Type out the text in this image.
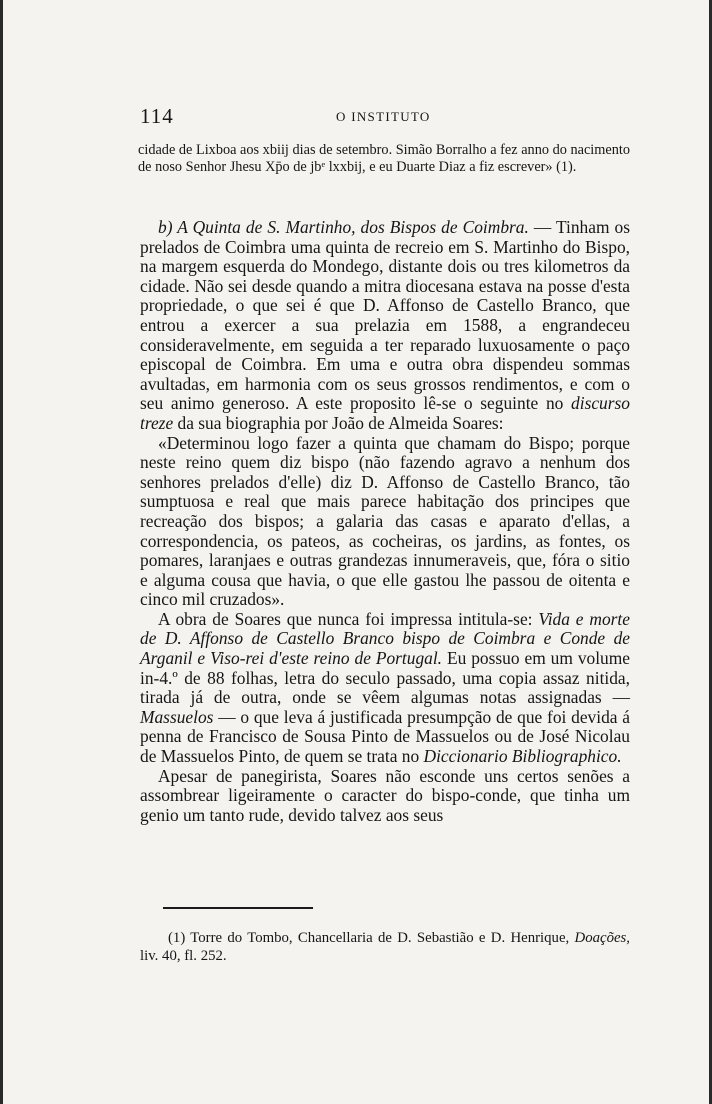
114	O INSTITUTO

cidade de Lixboa aos xbiij dias de setembro. Simão Borralho a fez anno do nacimento de noso Senhor Jhesu Xp̄o de jbᵉ lxxbij, e eu Duarte Diaz a fiz escrever» (1).

b) A Quinta de S. Martinho, dos Bispos de Coimbra. — Tinham os prelados de Coimbra uma quinta de recreio em S. Martinho do Bispo, na margem esquerda do Mondego, distante dois ou tres kilometros da cidade. Não sei desde quando a mitra diocesana estava na posse d'esta propriedade, o que sei é que D. Affonso de Castello Branco, que entrou a exercer a sua prelazia em 1588, a engrandeceu consideravelmente, em seguida a ter reparado luxuosamente o paço episcopal de Coimbra. Em uma e outra obra dispendeu sommas avultadas, em harmonia com os seus grossos rendimentos, e com o seu animo generoso. A este proposito lê-se o seguinte no discurso treze da sua biographia por João de Almeida Soares:

«Determinou logo fazer a quinta que chamam do Bispo; porque neste reino quem diz bispo (não fazendo agravo a nenhum dos senhores prelados d'elle) diz D. Affonso de Castello Branco, tão sumptuosa e real que mais parece habitação dos principes que recreação dos bispos; a galaria das casas e aparato d'ellas, a correspondencia, os pateos, as cocheiras, os jardins, as fontes, os pomares, laranjaes e outras grandezas innumeraveis, que, fóra o sitio e alguma cousa que havia, o que elle gastou lhe passou de oitenta e cinco mil cruzados».

A obra de Soares que nunca foi impressa intitula-se: Vida e morte de D. Affonso de Castello Branco bispo de Coimbra e Conde de Arganil e Viso-rei d'este reino de Portugal. Eu possuo em um volume in-4.º de 88 folhas, letra do seculo passado, uma copia assaz nitida, tirada já de outra, onde se vêem algumas notas assignadas — Massuelos — o que leva á justificada presumpção de que foi devida á penna de Francisco de Sousa Pinto de Massuelos ou de José Nicolau de Massuelos Pinto, de quem se trata no Diccionario Bibliographico.

Apesar de panegirista, Soares não esconde uns certos senões a assombrear ligeiramente o caracter do bispo-conde, que tinha um genio um tanto rude, devido talvez aos seus

(1) Torre do Tombo, Chancellaria de D. Sebastião e D. Henrique, Doações, liv. 40, fl. 252.
